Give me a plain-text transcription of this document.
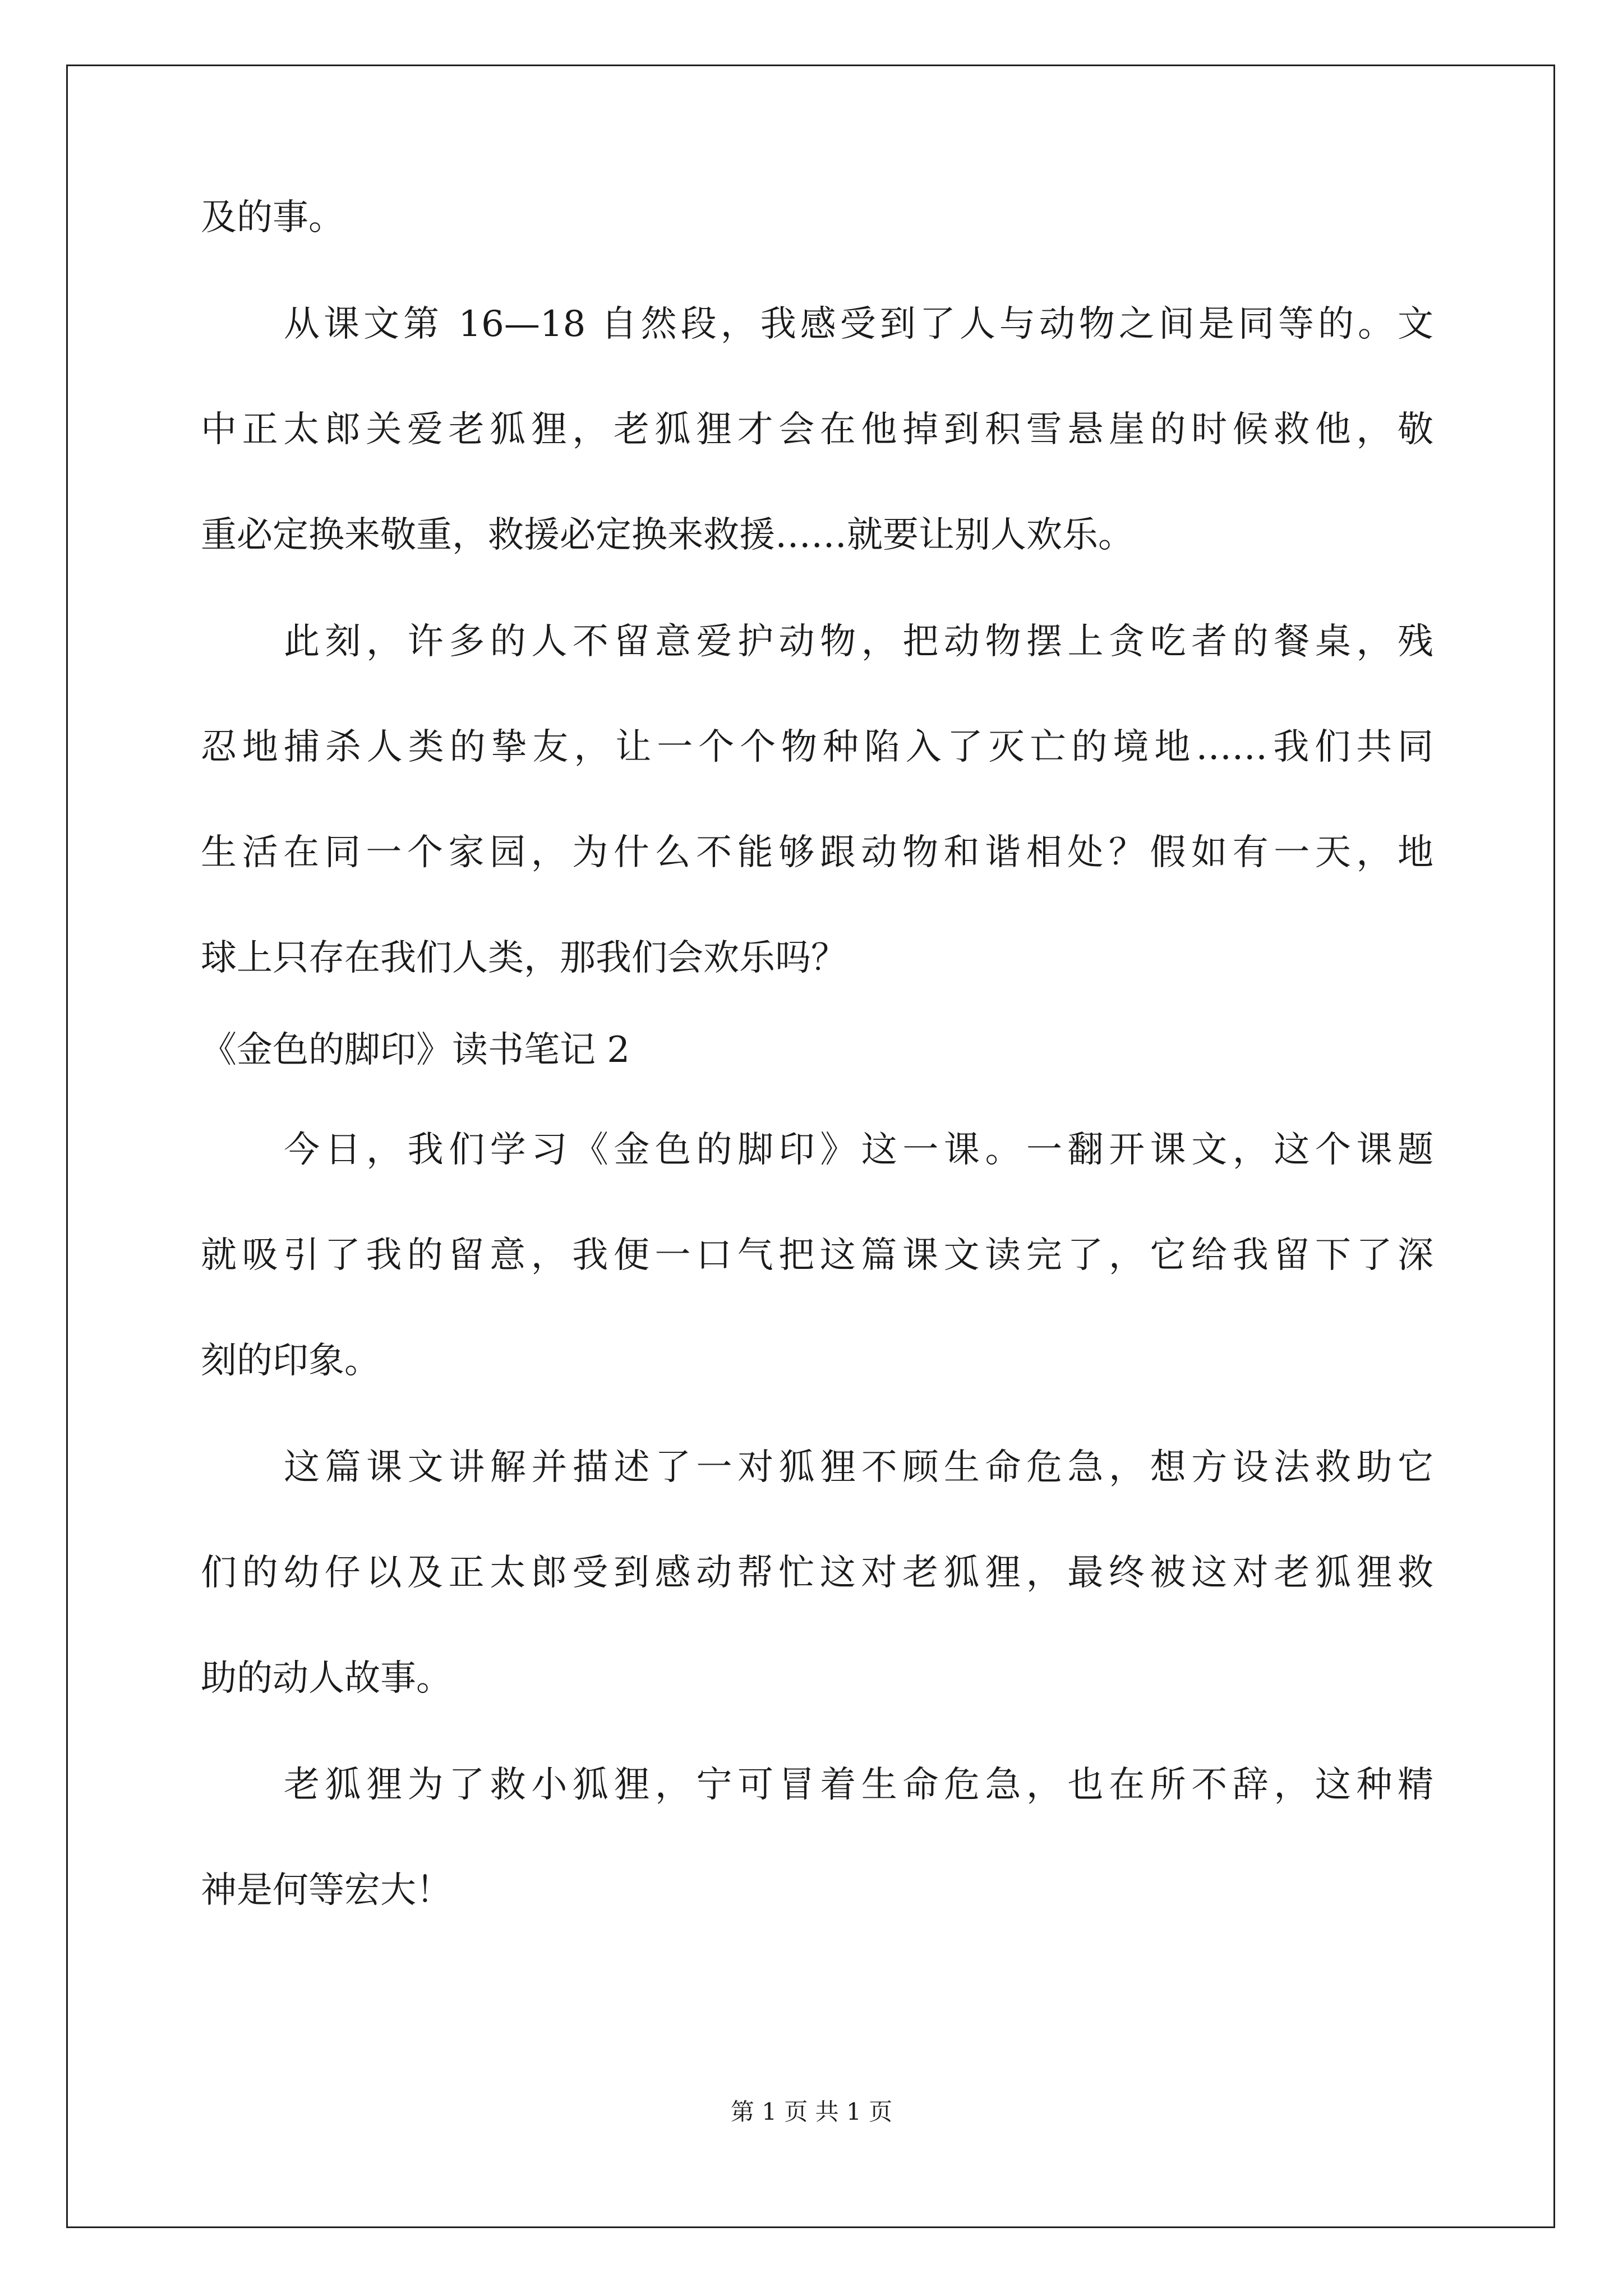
及的事。
从课文第 16—18 自然段，我感受到了人与动物之间是同等的。文
中正太郎关爱老狐狸，老狐狸才会在他掉到积雪悬崖的时候救他，敬
重必定换来敬重，救援必定换来救援……就要让别人欢乐。
此刻，许多的人不留意爱护动物，把动物摆上贪吃者的餐桌，残
忍地捕杀人类的挚友，让一个个物种陷入了灭亡的境地……我们共同
生活在同一个家园，为什么不能够跟动物和谐相处？假如有一天，地
球上只存在我们人类，那我们会欢乐吗？
《金色的脚印》读书笔记 2
今日，我们学习《金色的脚印》这一课。一翻开课文，这个课题
就吸引了我的留意，我便一口气把这篇课文读完了，它给我留下了深
刻的印象。
这篇课文讲解并描述了一对狐狸不顾生命危急，想方设法救助它
们的幼仔以及正太郎受到感动帮忙这对老狐狸，最终被这对老狐狸救
助的动人故事。
老狐狸为了救小狐狸，宁可冒着生命危急，也在所不辞，这种精
神是何等宏大！
第 1 页 共 1 页
